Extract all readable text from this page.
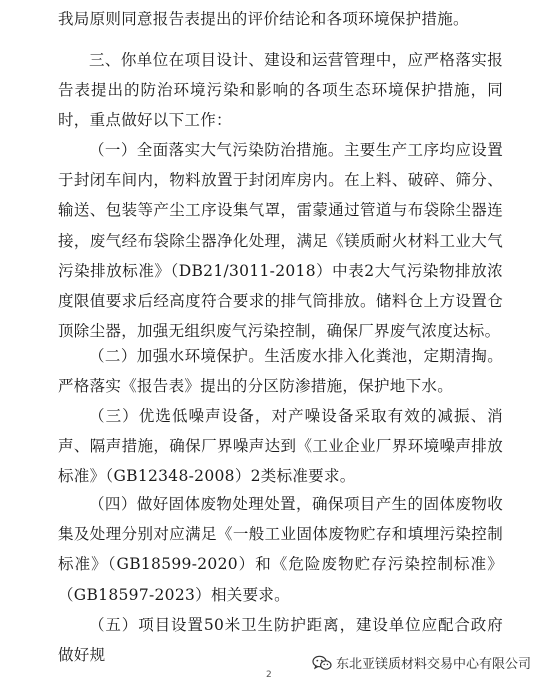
我局原则同意报告表提出的评价结论和各项环境保护措施。

三、你单位在项目设计、建设和运营管理中，应严格落实报告表提出的防治环境污染和影响的各项生态环境保护措施，同时，重点做好以下工作：

（一）全面落实大气污染防治措施。主要生产工序均应设置于封闭车间内，物料放置于封闭库房内。在上料、破碎、筛分、输送、包装等产尘工序设集气罩，雷蒙通过管道与布袋除尘器连接，废气经布袋除尘器净化处理，满足《镁质耐火材料工业大气污染排放标准》（DB21/3011-2018）中表2大气污染物排放浓度限值要求后经高度符合要求的排气筒排放。储料仓上方设置仓顶除尘器，加强无组织废气污染控制，确保厂界废气浓度达标。

（二）加强水环境保护。生活废水排入化粪池，定期清掏。严格落实《报告表》提出的分区防渗措施，保护地下水。

（三）优选低噪声设备，对产噪设备采取有效的减振、消声、隔声措施，确保厂界噪声达到《工业企业厂界环境噪声排放标准》（GB12348-2008）2类标准要求。

（四）做好固体废物处理处置，确保项目产生的固体废物收集及处理分别对应满足《一般工业固体废物贮存和填埋污染控制标准》（GB18599-2020）和《危险废物贮存污染控制标准》（GB18597-2023）相关要求。

（五）项目设置50米卫生防护距离，建设单位应配合政府做好规

2
东北亚镁质材料交易中心有限公司
